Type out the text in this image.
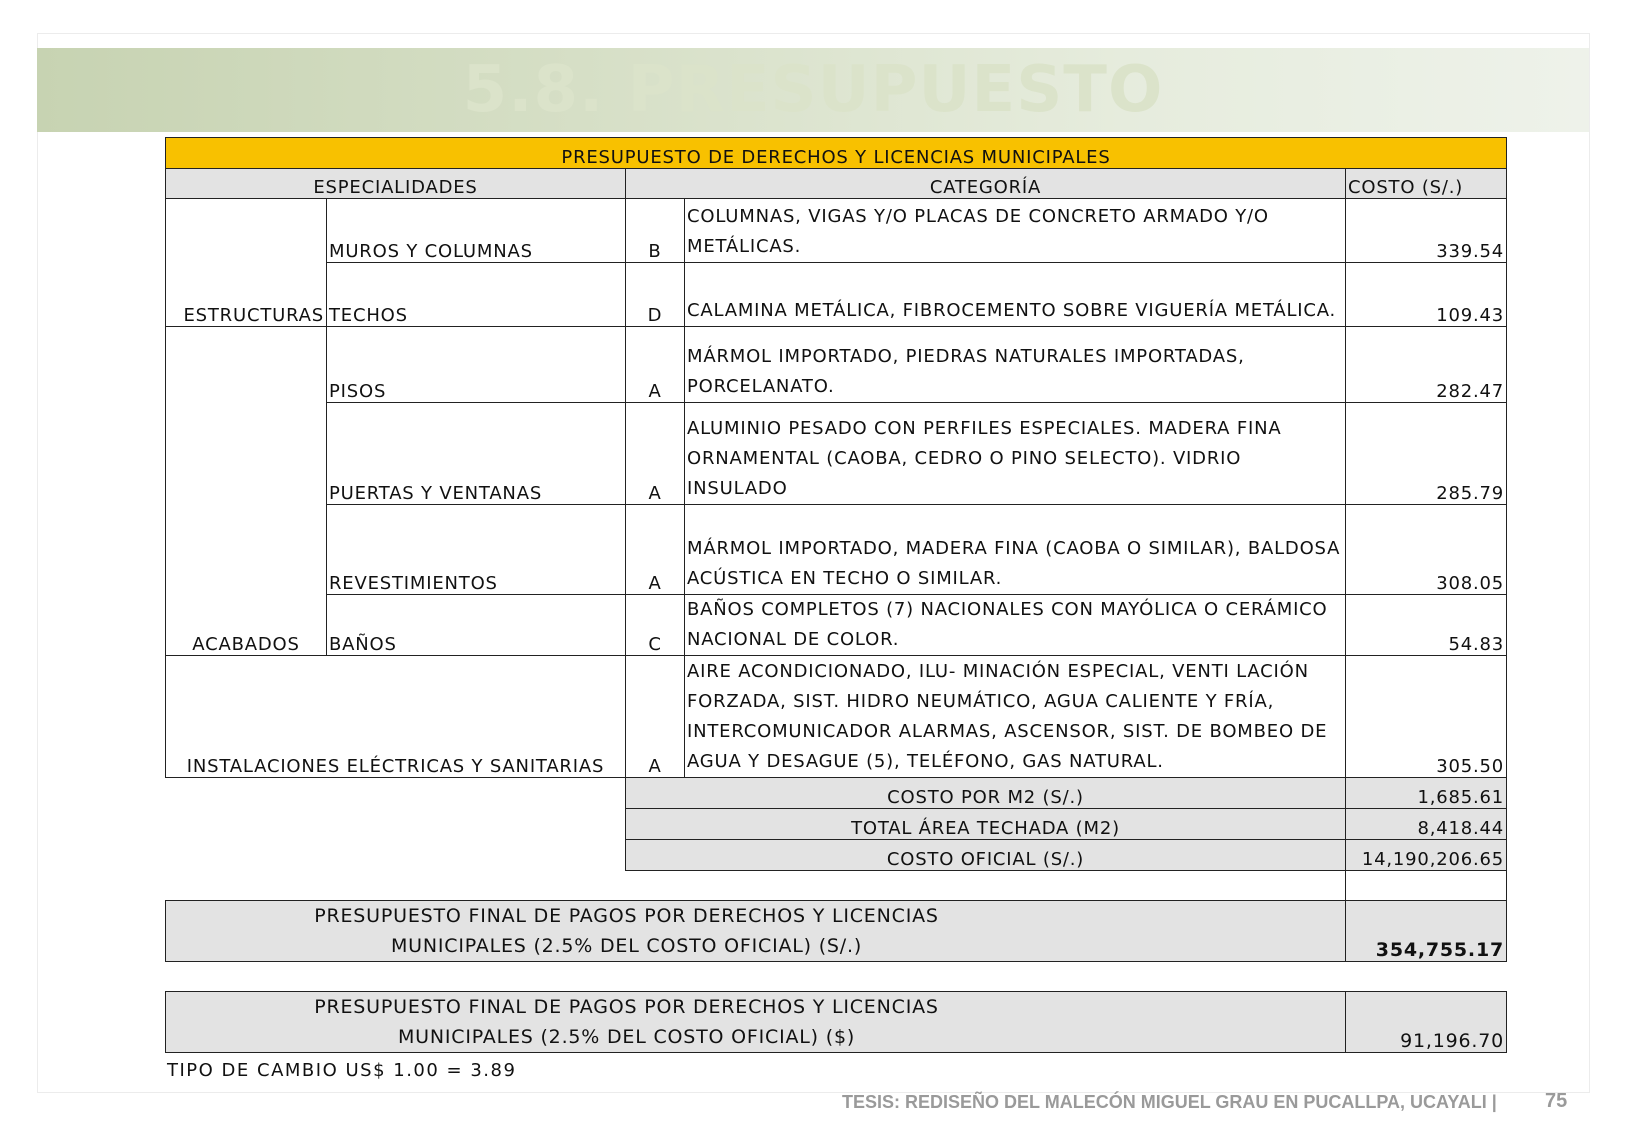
5.8. PRESUPUESTO
PRESUPUESTO DE DERECHOS Y LICENCIAS MUNICIPALES				
ESPECIALIDADES		CATEGORÍA		COSTO (S/.)
ESTRUCTURAS	MUROS Y COLUMNAS	B	COLUMNAS, VIGAS Y/O PLACAS DE CONCRETO ARMADO Y/O METÁLICAS.	339.54
	TECHOS	D	CALAMINA METÁLICA, FIBROCEMENTO SOBRE VIGUERÍA METÁLICA.	109.43
ACABADOS	PISOS	A	MÁRMOL IMPORTADO, PIEDRAS NATURALES IMPORTADAS, PORCELANATO.	282.47
	PUERTAS Y VENTANAS	A	ALUMINIO PESADO CON PERFILES ESPECIALES. MADERA FINA ORNAMENTAL (CAOBA, CEDRO O PINO SELECTO). VIDRIO INSULADO	285.79
	REVESTIMIENTOS	A	MÁRMOL IMPORTADO, MADERA FINA (CAOBA O SIMILAR), BALDOSA ACÚSTICA EN TECHO O SIMILAR.	308.05
	BAÑOS	C	BAÑOS COMPLETOS (7) NACIONALES CON MAYÓLICA O CERÁMICO NACIONAL DE COLOR.	54.83
INSTALACIONES ELÉCTRICAS Y SANITARIAS		A	AIRE ACONDICIONADO, ILU- MINACIÓN ESPECIAL, VENTI LACIÓN FORZADA, SIST. HIDRO NEUMÁTICO, AGUA CALIENTE Y FRÍA, INTERCOMUNICADOR ALARMAS, ASCENSOR, SIST. DE BOMBEO DE AGUA Y DESAGUE (5), TELÉFONO, GAS NATURAL.	305.50
		COSTO POR M2 (S/.)		1,685.61
		TOTAL ÁREA TECHADA (M2)		8,418.44
		COSTO OFICIAL (S/.)		14,190,206.65

PRESUPUESTO FINAL DE PAGOS POR DERECHOS Y LICENCIAS
MUNICIPALES (2.5% DEL COSTO OFICIAL) (S/.)				354,755.17

PRESUPUESTO FINAL DE PAGOS POR DERECHOS Y LICENCIAS
MUNICIPALES (2.5% DEL COSTO OFICIAL) ($)				91,196.70
TIPO DE CAMBIO US$ 1.00 = 3.89
TESIS: REDISEÑO DEL MALECÓN MIGUEL GRAU EN PUCALLPA, UCAYALI | 75
